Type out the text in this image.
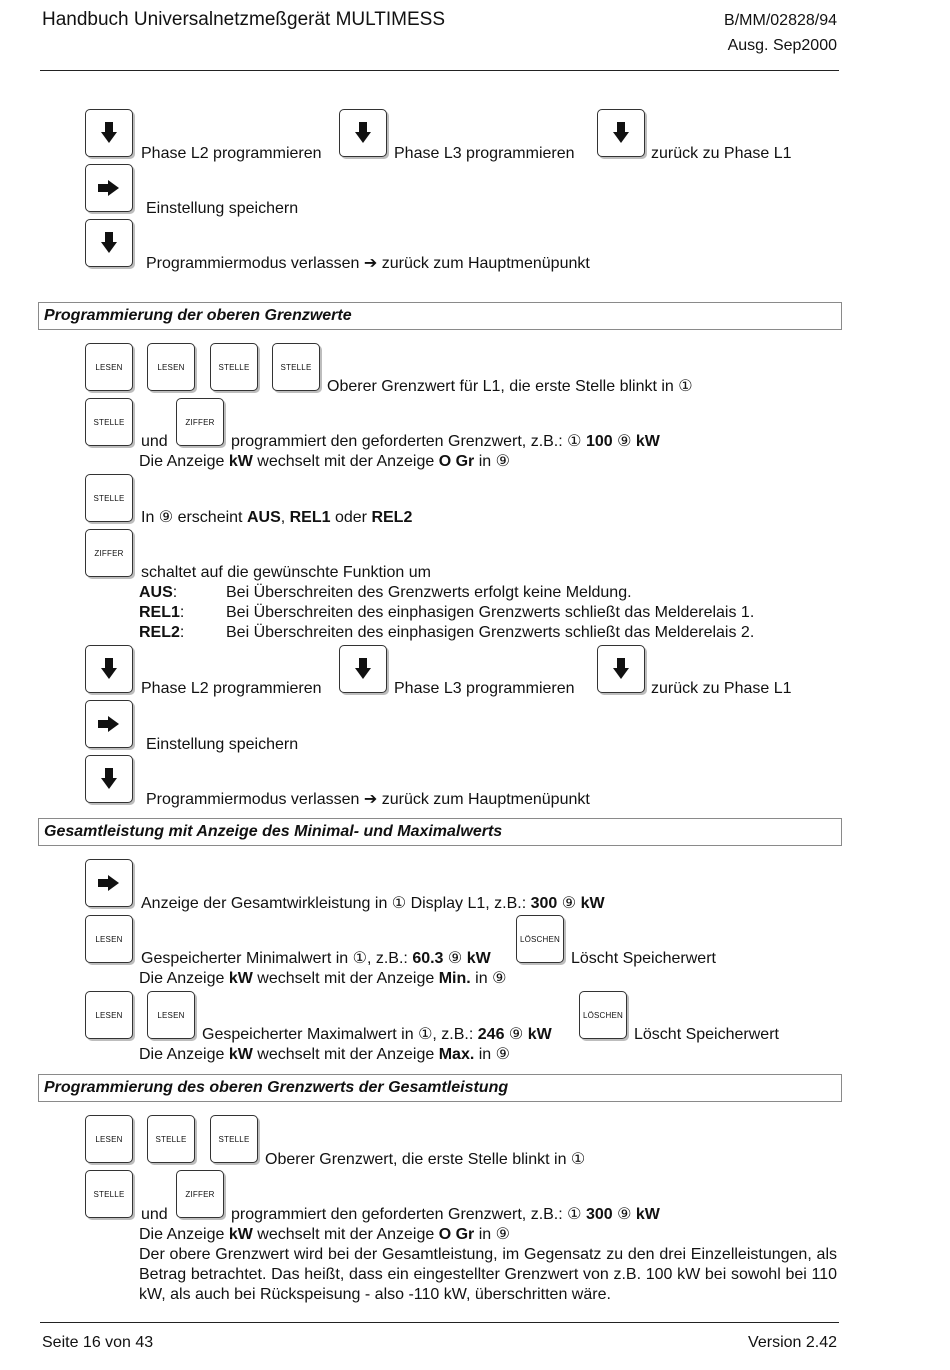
Handbuch Universalnetzmeßgerät MULTIMESS	B/MM/02828/94
Ausg. Sep2000
Phase L2 programmieren	Phase L3 programmieren	zurück zu Phase L1
Einstellung speichern
Programmiermodus verlassen ➔ zurück zum Hauptmenüpunkt
Programmierung der oberen Grenzwerte
LESEN	LESEN	STELLE	STELLE
Oberer Grenzwert für L1, die erste Stelle blinkt in ①
STELLE
und
ZIFFER
programmiert den geforderten Grenzwert, z.B.: ① 100 ⑨ kW
Die Anzeige kW wechselt mit der Anzeige O Gr in ⑨
STELLE
In ⑨ erscheint AUS, REL1 oder REL2
ZIFFER
schaltet auf die gewünschte Funktion um
AUS:	Bei Überschreiten des Grenzwerts erfolgt keine Meldung.
REL1:	Bei Überschreiten des einphasigen Grenzwerts schließt das Melderelais 1.
REL2:	Bei Überschreiten des einphasigen Grenzwerts schließt das Melderelais 2.
Phase L2 programmieren	Phase L3 programmieren	zurück zu Phase L1
Einstellung speichern
Programmiermodus verlassen ➔ zurück zum Hauptmenüpunkt
Gesamtleistung mit Anzeige des Minimal- und Maximalwerts
Anzeige der Gesamtwirkleistung in ① Display L1, z.B.: 300 ⑨ kW
LESEN
Gespeicherter Minimalwert in ①, z.B.: 60.3 ⑨ kW
LÖSCHEN
Löscht Speicherwert
Die Anzeige kW wechselt mit der Anzeige Min. in ⑨
LESEN	LESEN
Gespeicherter Maximalwert in ①, z.B.: 246 ⑨ kW
LÖSCHEN
Löscht Speicherwert
Die Anzeige kW wechselt mit der Anzeige Max. in ⑨
Programmierung des oberen Grenzwerts der Gesamtleistung
LESEN	STELLE	STELLE
Oberer Grenzwert, die erste Stelle blinkt in ①
STELLE
und
ZIFFER
programmiert den geforderten Grenzwert, z.B.: ① 300 ⑨ kW
Die Anzeige kW wechselt mit der Anzeige O Gr in ⑨
Der obere Grenzwert wird bei der Gesamtleistung, im Gegensatz zu den drei Einzelleistungen, als Betrag betrachtet. Das heißt, dass ein eingestellter Grenzwert von z.B. 100 kW bei sowohl bei 110 kW, als auch bei Rückspeisung - also -110 kW, überschritten wäre.
Seite 16 von 43	Version 2.42
